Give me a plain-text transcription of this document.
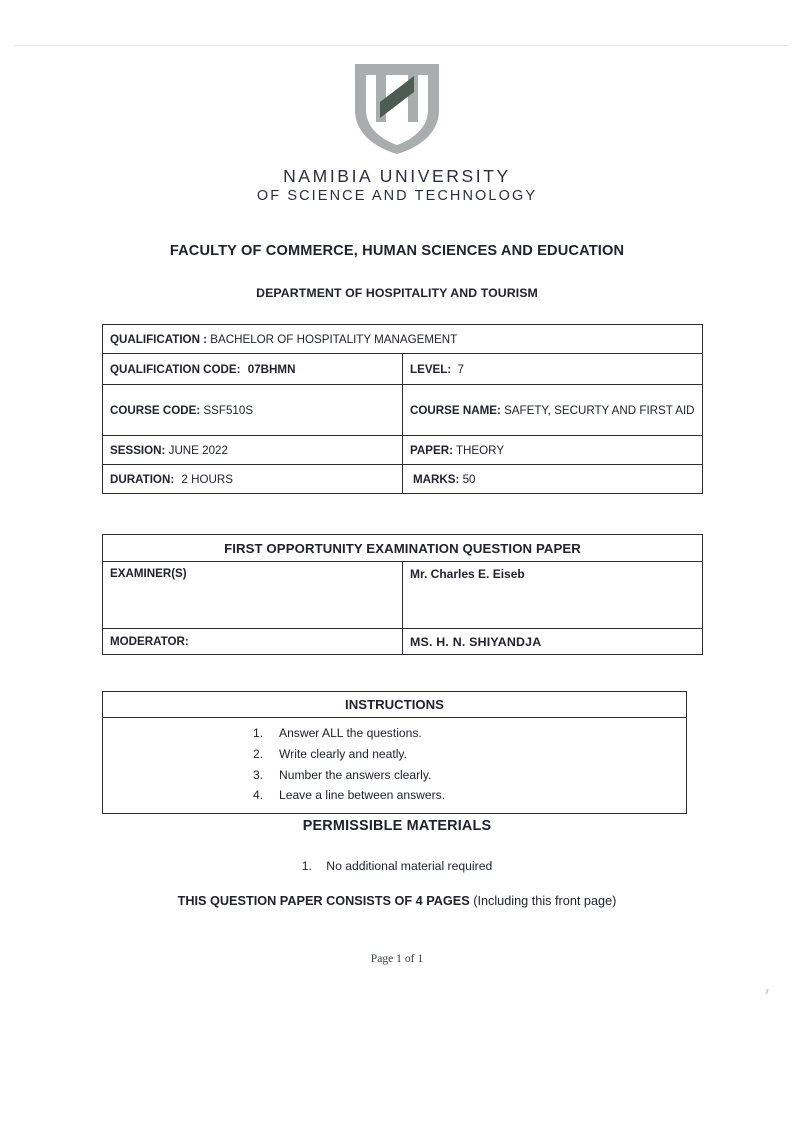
NAMIBIA UNIVERSITY
OF SCIENCE AND TECHNOLOGY
FACULTY OF COMMERCE, HUMAN SCIENCES AND EDUCATION
DEPARTMENT OF HOSPITALITY AND TOURISM
QUALIFICATION : BACHELOR OF HOSPITALITY MANAGEMENT	
QUALIFICATION CODE: 07BHMN	LEVEL: 7
COURSE CODE: SSF510S	COURSE NAME: SAFETY, SECURTY AND FIRST AID
SESSION: JUNE 2022	PAPER: THEORY
DURATION: 2 HOURS	MARKS: 50
FIRST OPPORTUNITY EXAMINATION QUESTION PAPER	
EXAMINER(S)	Mr. Charles E. Eiseb
MODERATOR:	MS. H. N. SHIYANDJA
INSTRUCTIONS

1. Answer ALL the questions.
2. Write clearly and neatly.
3. Number the answers clearly.
4. Leave a line between answers.
PERMISSIBLE MATERIALS
1. No additional material required
THIS QUESTION PAPER CONSISTS OF 4 PAGES (Including this front page)
Page 1 of 1
